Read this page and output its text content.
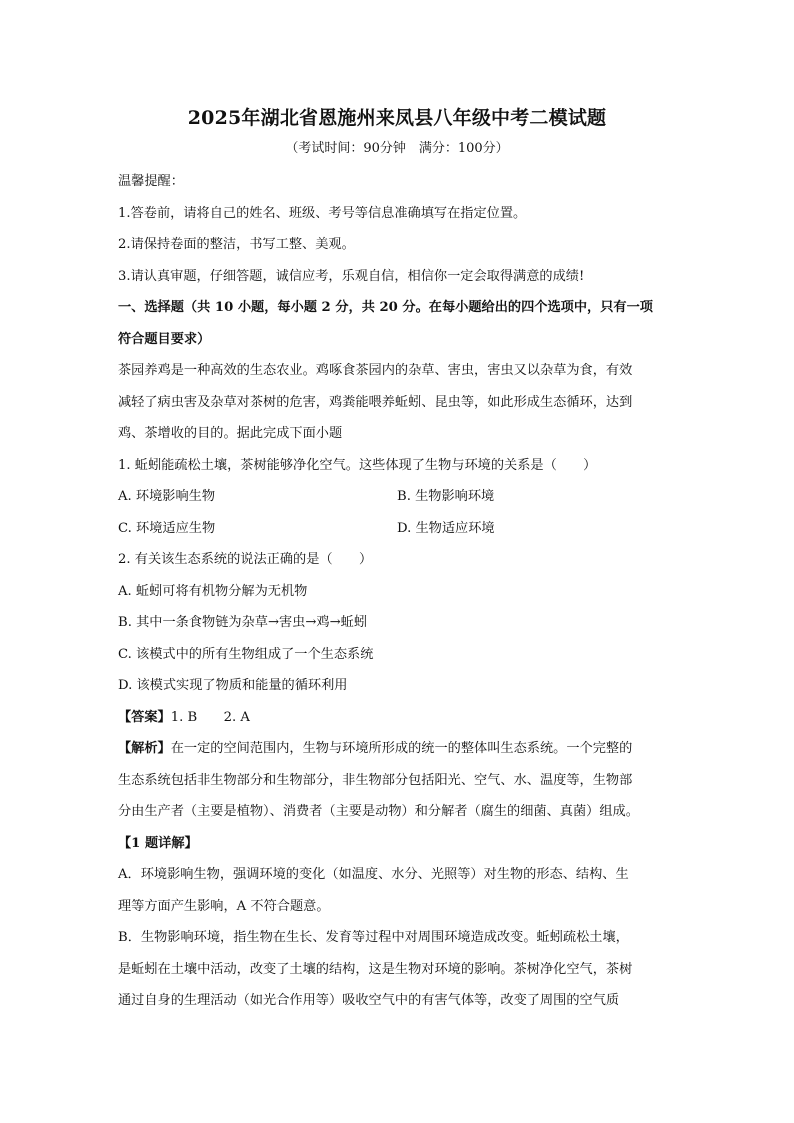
2025年湖北省恩施州来凤县八年级中考二模试题
（考试时间：90分钟　满分：100分）

温馨提醒：

1.答卷前，请将自己的姓名、班级、考号等信息准确填写在指定位置。

2.请保持卷面的整洁，书写工整、美观。

3.请认真审题，仔细答题，诚信应考，乐观自信，相信你一定会取得满意的成绩!

一、选择题（共 10 小题，每小题 2 分，共 20 分。在每小题给出的四个选项中，只有一项

符合题目要求）

茶园养鸡是一种高效的生态农业。鸡啄食茶园内的杂草、害虫，害虫又以杂草为食，有效

减轻了病虫害及杂草对茶树的危害，鸡粪能喂养蚯蚓、昆虫等，如此形成生态循环，达到

鸡、茶增收的目的。据此完成下面小题

1. 蚯蚓能疏松土壤，茶树能够净化空气。这些体现了生物与环境的关系是（　　）

A. 环境影响生物	B. 生物影响环境
C. 环境适应生物	D. 生物适应环境

2. 有关该生态系统的说法正确的是（　　）

A. 蚯蚓可将有机物分解为无机物

B. 其中一条食物链为杂草→害虫→鸡→蚯蚓

C. 该模式中的所有生物组成了一个生态系统

D. 该模式实现了物质和能量的循环利用

【答案】1. B　　2. A

【解析】在一定的空间范围内，生物与环境所形成的统一的整体叫生态系统。一个完整的

生态系统包括非生物部分和生物部分，非生物部分包括阳光、空气、水、温度等，生物部

分由生产者（主要是植物）、消费者（主要是动物）和分解者（腐生的细菌、真菌）组成。

【1 题详解】

A．环境影响生物，强调环境的变化（如温度、水分、光照等）对生物的形态、结构、生

理等方面产生影响，A 不符合题意。

B．生物影响环境，指生物在生长、发育等过程中对周围环境造成改变。蚯蚓疏松土壤，

是蚯蚓在土壤中活动，改变了土壤的结构，这是生物对环境的影响。茶树净化空气，茶树

通过自身的生理活动（如光合作用等）吸收空气中的有害气体等，改变了周围的空气质
